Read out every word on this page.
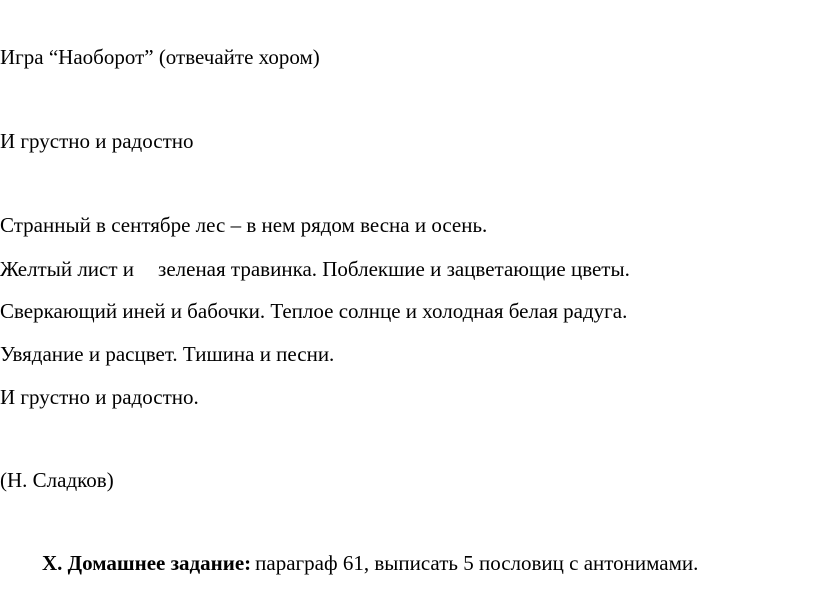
Игра “Наоборот” (отвечайте хором)
И грустно и радостно
Странный в сентябре лес – в нем рядом весна и осень.
Желтый лист и зеленая травинка. Поблекшие и зацветающие цветы.
Сверкающий иней и бабочки. Теплое солнце и холодная белая радуга.
Увядание и расцвет. Тишина и песни.
И грустно и радостно.
(Н. Сладков)
X. Домашнее задание: параграф 61, выписать 5 пословиц с антонимами.
